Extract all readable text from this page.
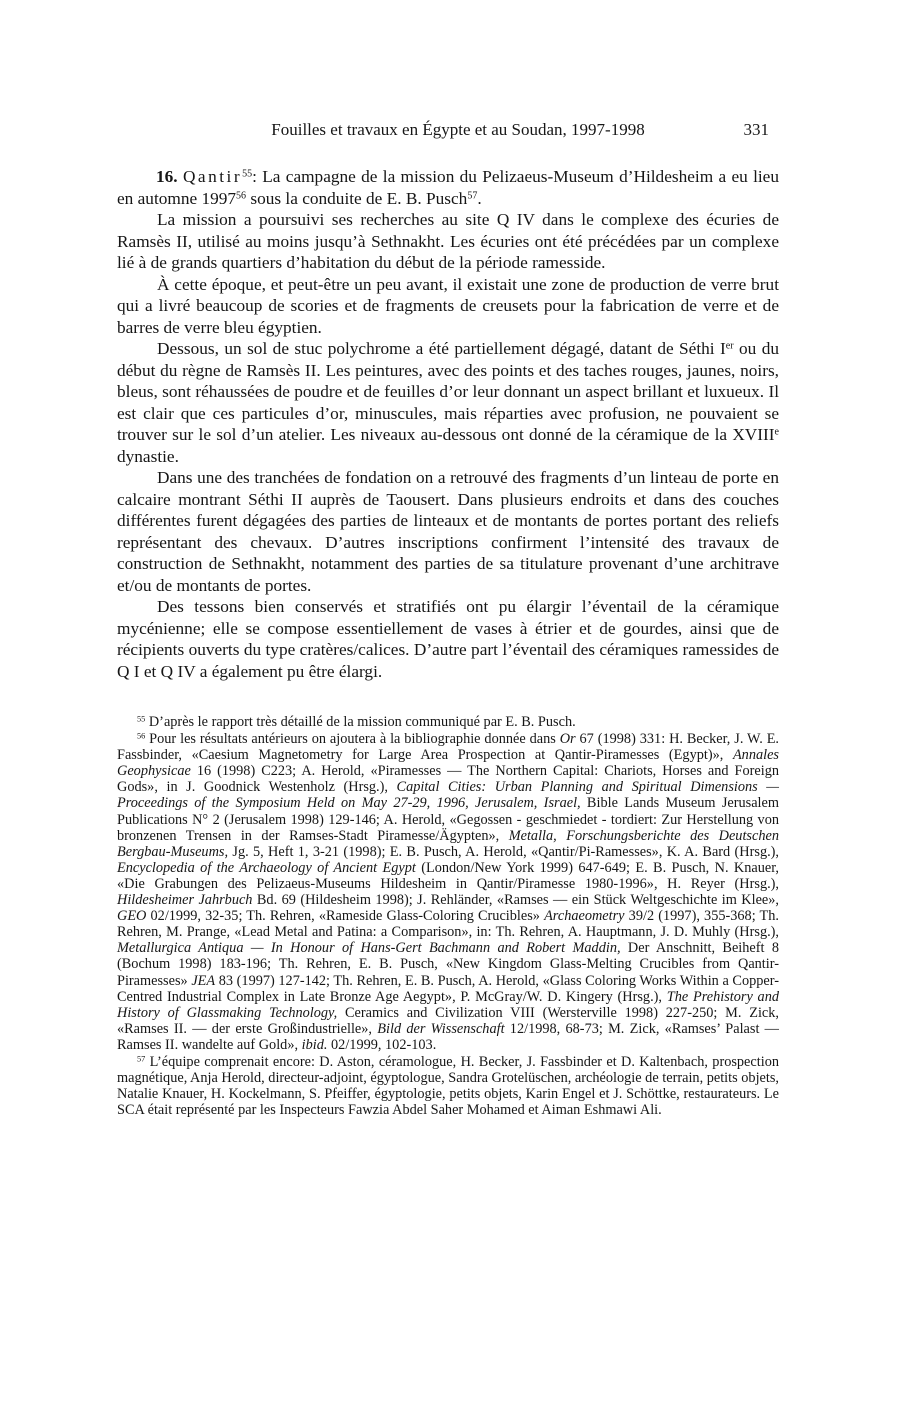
Fouilles et travaux en Égypte et au Soudan, 1997-1998	331

16. Qantir$^{55}$: La campagne de la mission du Pelizaeus-Museum d’Hildesheim a eu lieu en automne 1997$^{56}$ sous la conduite de E. B. Pusch$^{57}$.

La mission a poursuivi ses recherches au site Q IV dans le complexe des écuries de Ramsès II, utilisé au moins jusqu’à Sethnakht. Les écuries ont été précédées par un complexe lié à de grands quartiers d’habitation du début de la période ramesside.

À cette époque, et peut-être un peu avant, il existait une zone de production de verre brut qui a livré beaucoup de scories et de fragments de creusets pour la fabrication de verre et de barres de verre bleu égyptien.

Dessous, un sol de stuc polychrome a été partiellement dégagé, datant de Séthi Ier ou du début du règne de Ramsès II. Les peintures, avec des points et des taches rouges, jaunes, noirs, bleus, sont réhaussées de poudre et de feuilles d’or leur donnant un aspect brillant et luxueux. Il est clair que ces particules d’or, minuscules, mais réparties avec profusion, ne pouvaient se trouver sur le sol d’un atelier. Les niveaux au-dessous ont donné de la céramique de la XVIIIe dynastie.

Dans une des tranchées de fondation on a retrouvé des fragments d’un linteau de porte en calcaire montrant Séthi II auprès de Taousert. Dans plusieurs endroits et dans des couches différentes furent dégagées des parties de linteaux et de montants de portes portant des reliefs représentant des chevaux. D’autres inscriptions confirment l’intensité des travaux de construction de Sethnakht, notamment des parties de sa titulature provenant d’une architrave et/ou de montants de portes.

Des tessons bien conservés et stratifiés ont pu élargir l’éventail de la céramique mycénienne; elle se compose essentiellement de vases à étrier et de gourdes, ainsi que de récipients ouverts du type cratères/calices. D’autre part l’éventail des céramiques ramessides de Q I et Q IV a également pu être élargi.

$^{55}$ D’après le rapport très détaillé de la mission communiqué par E. B. Pusch.

$^{56}$ Pour les résultats antérieurs on ajoutera à la bibliographie donnée dans Or 67 (1998) 331: H. Becker, J. W. E. Fassbinder, «Caesium Magnetometry for Large Area Prospection at Qantir-Piramesses (Egypt)», Annales Geophysicae 16 (1998) C223; A. Herold, «Piramesses — The Northern Capital: Chariots, Horses and Foreign Gods», in J. Goodnick Westenholz (Hrsg.), Capital Cities: Urban Planning and Spiritual Dimensions — Proceedings of the Symposium Held on May 27-29, 1996, Jerusalem, Israel, Bible Lands Museum Jerusalem Publications N° 2 (Jerusalem 1998) 129-146; A. Herold, «Gegossen - geschmiedet - tordiert: Zur Herstellung von bronzenen Trensen in der Ramses-Stadt Piramesse/Ägypten», Metalla, Forschungsberichte des Deutschen Bergbau-Museums, Jg. 5, Heft 1, 3-21 (1998); E. B. Pusch, A. Herold, «Qantir/Pi-Ramesses», K. A. Bard (Hrsg.), Encyclopedia of the Archaeology of Ancient Egypt (London/New York 1999) 647-649; E. B. Pusch, N. Knauer, «Die Grabungen des Pelizaeus-Museums Hildesheim in Qantir/Piramesse 1980-1996», H. Reyer (Hrsg.), Hildesheimer Jahrbuch Bd. 69 (Hildesheim 1998); J. Rehländer, «Ramses — ein Stück Weltgeschichte im Klee», GEO 02/1999, 32-35; Th. Rehren, «Rameside Glass-Coloring Crucibles» Archaeometry 39/2 (1997), 355-368; Th. Rehren, M. Prange, «Lead Metal and Patina: a Comparison», in: Th. Rehren, A. Hauptmann, J. D. Muhly (Hrsg.), Metallurgica Antiqua — In Honour of Hans-Gert Bachmann and Robert Maddin, Der Anschnitt, Beiheft 8 (Bochum 1998) 183-196; Th. Rehren, E. B. Pusch, «New Kingdom Glass-Melting Crucibles from Qantir-Piramesses» JEA 83 (1997) 127-142; Th. Rehren, E. B. Pusch, A. Herold, «Glass Coloring Works Within a Copper-Centred Industrial Complex in Late Bronze Age Aegypt», P. McGray/W. D. Kingery (Hrsg.), The Prehistory and History of Glassmaking Technology, Ceramics and Civilization VIII (Wersterville 1998) 227-250; M. Zick, «Ramses II. — der erste Großindustrielle», Bild der Wissenschaft 12/1998, 68-73; M. Zick, «Ramses’ Palast — Ramses II. wandelte auf Gold», ibid. 02/1999, 102-103.

$^{57}$ L’équipe comprenait encore: D. Aston, céramologue, H. Becker, J. Fassbinder et D. Kaltenbach, prospection magnétique, Anja Herold, directeur-adjoint, égyptologue, Sandra Grotelüschen, archéologie de terrain, petits objets, Natalie Knauer, H. Kockelmann, S. Pfeiffer, égyptologie, petits objets, Karin Engel et J. Schöttke, restaurateurs. Le SCA était représenté par les Inspecteurs Fawzia Abdel Saher Mohamed et Aiman Eshmawi Ali.
